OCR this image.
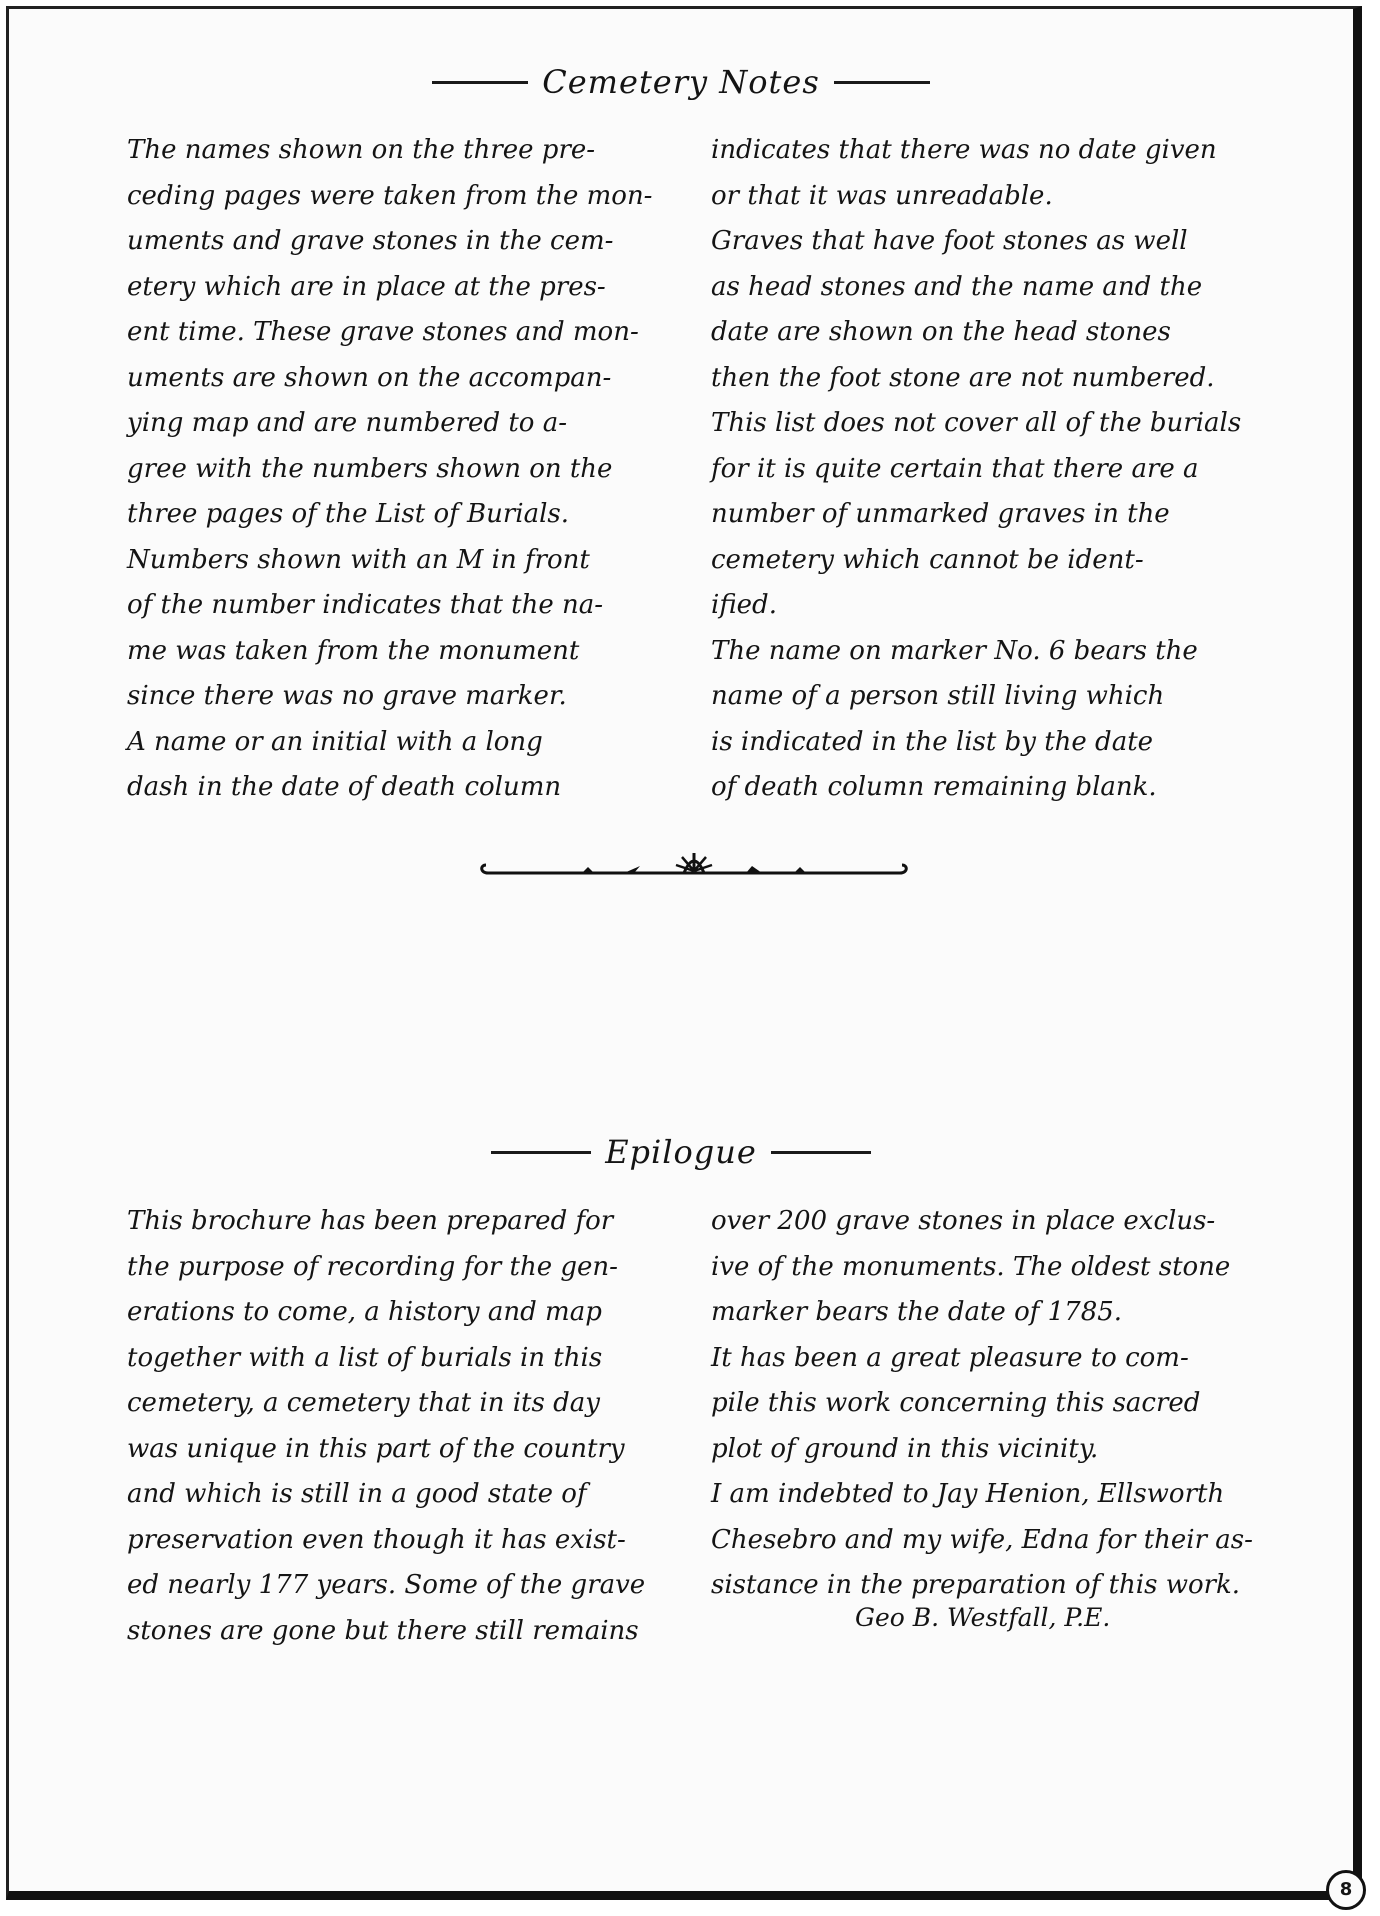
Cemetery Notes
The names shown on the three pre-
ceding pages were taken from the mon-
uments and grave stones in the cem-
etery which are in place at the pres-
ent time. These grave stones and mon-
uments are shown on the accompan-
ying map and are numbered to a-
gree with the numbers shown on the
three pages of the List of Burials.
Numbers shown with an M in front
of the number indicates that the na-
me was taken from the monument
since there was no grave marker.
A name or an initial with a long
dash in the date of death column
indicates that there was no date given
or that it was unreadable.
Graves that have foot stones as well
as head stones and the name and the
date are shown on the head stones
then the foot stone are not numbered.
This list does not cover all of the burials
for it is quite certain that there are a
number of unmarked graves in the
cemetery which cannot be ident-
ified.
The name on marker No. 6 bears the
name of a person still living which
is indicated in the list by the date
of death column remaining blank.
Epilogue
This brochure has been prepared for
the purpose of recording for the gen-
erations to come, a history and map
together with a list of burials in this
cemetery, a cemetery that in its day
was unique in this part of the country
and which is still in a good state of
preservation even though it has exist-
ed nearly 177 years. Some of the grave
stones are gone but there still remains
over 200 grave stones in place exclus-
ive of the monuments. The oldest stone
marker bears the date of 1785.
It has been a great pleasure to com-
pile this work concerning this sacred
plot of ground in this vicinity.
I am indebted to Jay Henion, Ellsworth
Chesebro and my wife, Edna for their as-
sistance in the preparation of this work.
Geo B. Westfall, P.E.
8
